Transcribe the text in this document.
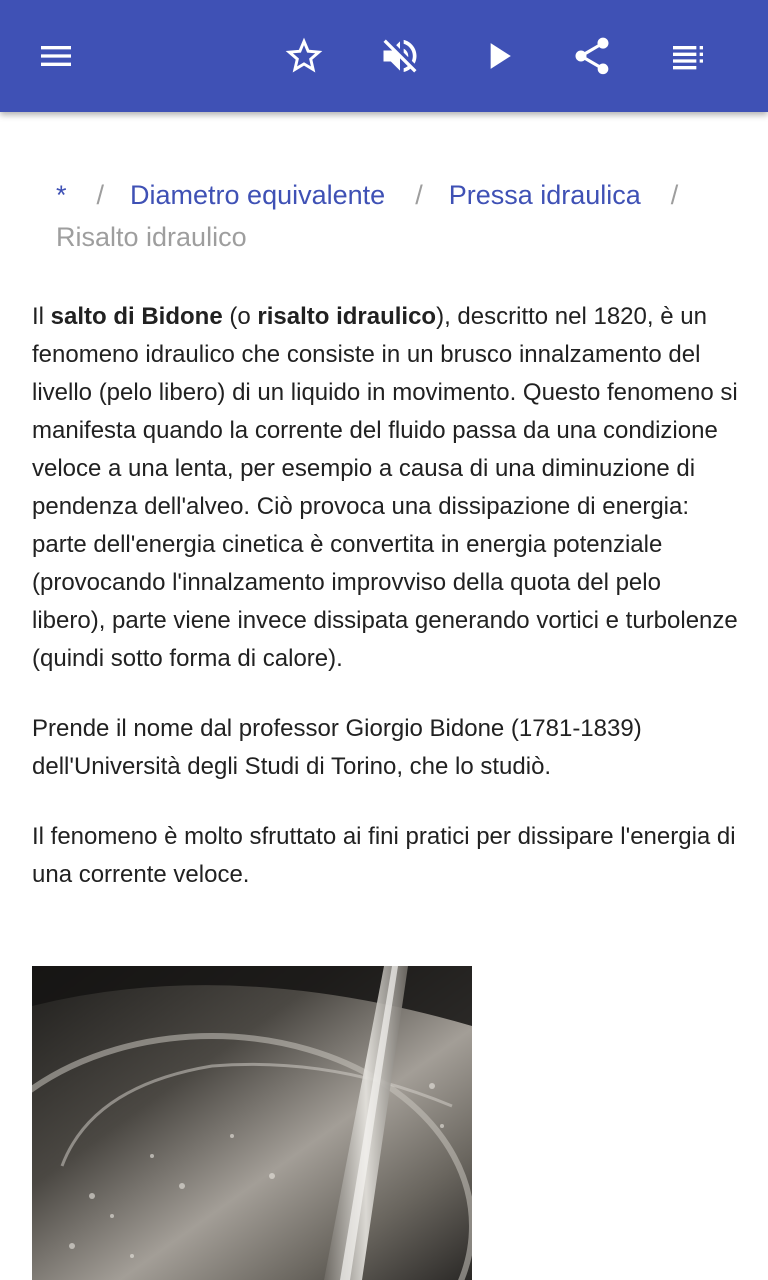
* / Diametro equivalente / Pressa idraulica /
Risalto idraulico

Il salto di Bidone (o risalto idraulico), descritto nel 1820, è un fenomeno idraulico che consiste in un brusco innalzamento del livello (pelo libero) di un liquido in movimento. Questo fenomeno si manifesta quando la corrente del fluido passa da una condizione veloce a una lenta, per esempio a causa di una diminuzione di pendenza dell'alveo. Ciò provoca una dissipazione di energia: parte dell'energia cinetica è convertita in energia potenziale (provocando l'innalzamento improvviso della quota del pelo libero), parte viene invece dissipata generando vortici e turbolenze (quindi sotto forma di calore).

Prende il nome dal professor Giorgio Bidone (1781-1839) dell'Università degli Studi di Torino, che lo studiò.

Il fenomeno è molto sfruttato ai fini pratici per dissipare l'energia di una corrente veloce.
